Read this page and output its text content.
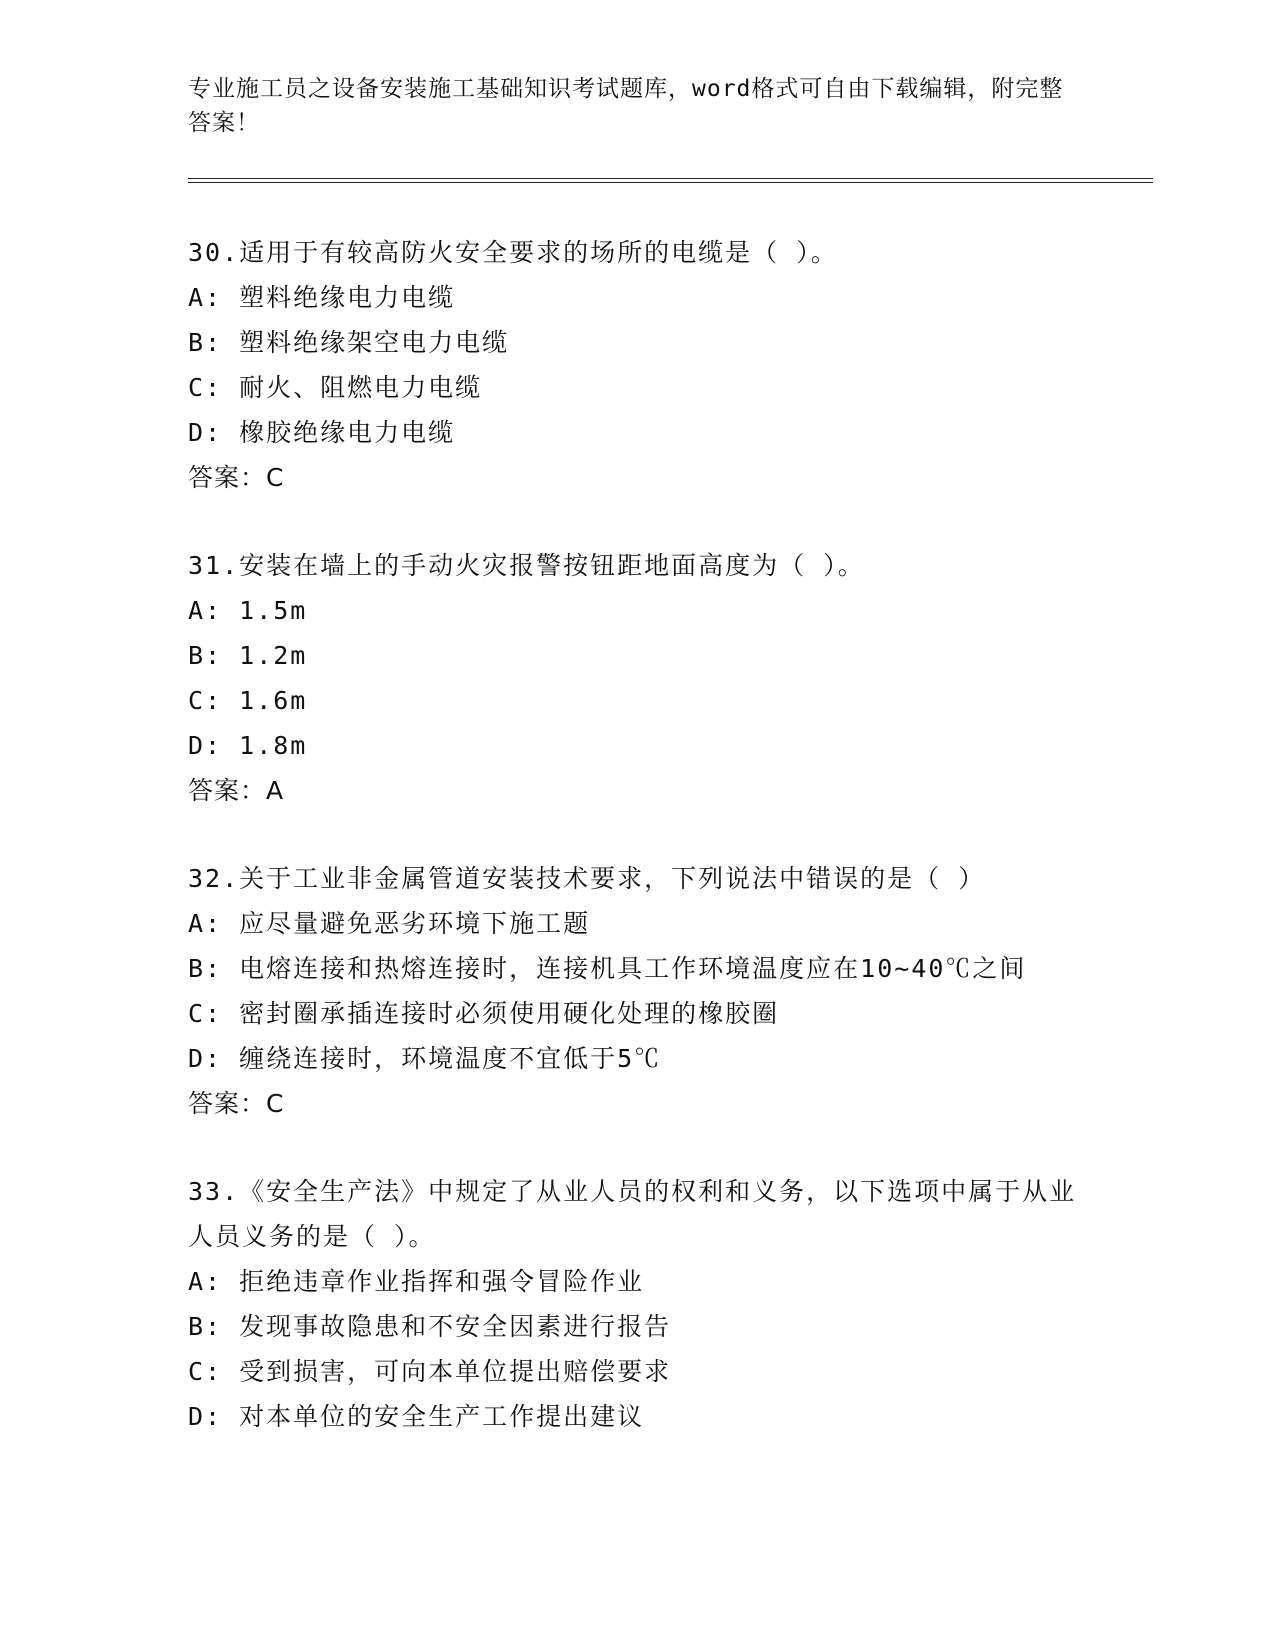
专业施工员之设备安装施工基础知识考试题库，word格式可自由下载编辑，附完整答案！
30.适用于有较高防火安全要求的场所的电缆是（ ）。
A: 塑料绝缘电力电缆
B: 塑料绝缘架空电力电缆
C: 耐火、阻燃电力电缆
D: 橡胶绝缘电力电缆
答案：C
31.安装在墙上的手动火灾报警按钮距地面高度为（ ）。
A: 1.5m
B: 1.2m
C: 1.6m
D: 1.8m
答案：A
32.关于工业非金属管道安装技术要求，下列说法中错误的是（ ）
A: 应尽量避免恶劣环境下施工题
B: 电熔连接和热熔连接时，连接机具工作环境温度应在10~40℃之间
C: 密封圈承插连接时必须使用硬化处理的橡胶圈
D: 缠绕连接时，环境温度不宜低于5℃
答案：C
33.《安全生产法》中规定了从业人员的权利和义务，以下选项中属于从业人员义务的是（ ）。
A: 拒绝违章作业指挥和强令冒险作业
B: 发现事故隐患和不安全因素进行报告
C: 受到损害，可向本单位提出赔偿要求
D: 对本单位的安全生产工作提出建议
